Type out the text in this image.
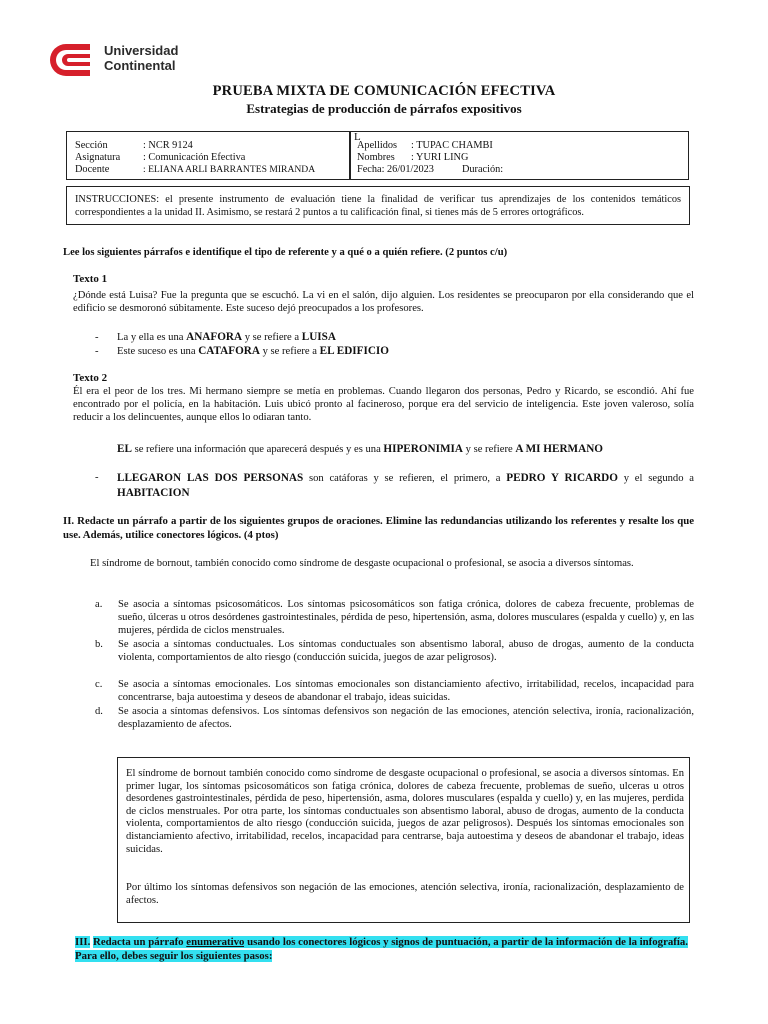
Universidad
Continental
PRUEBA MIXTA DE COMUNICACIÓN EFECTIVA
Estrategias de producción de párrafos expositivos
Sección	: NCR 9124
Asignatura : Comunicación Efectiva
Docente	: ELIANA ARLI BARRANTES MIRANDA
L
Apellidos : TUPAC CHAMBI
Nombres : YURI LING
Fecha: 26/01/2023	Duración:
INSTRUCCIONES: el presente instrumento de evaluación tiene la finalidad de verificar tus aprendizajes de los contenidos temáticos correspondientes a la unidad II. Asimismo, se restará 2 puntos a tu calificación final, si tienes más de 5 errores ortográficos.
Lee los siguientes párrafos e identifique el tipo de referente y a qué o a quién refiere. (2 puntos c/u)
Texto 1
¿Dónde está Luisa? Fue la pregunta que se escuchó. La vi en el salón, dijo alguien. Los residentes se preocuparon por ella considerando que el edificio se desmoronó súbitamente. Este suceso dejó preocupados a los profesores.
- La y ella es una ANAFORA y se refiere a LUISA
- Este suceso es una CATAFORA y se refiere a EL EDIFICIO
Texto 2
Él era el peor de los tres. Mi hermano siempre se metía en problemas. Cuando llegaron dos personas, Pedro y Ricardo, se escondió. Ahí fue encontrado por el policía, en la habitación. Luis ubicó pronto al facineroso, porque era del servicio de inteligencia. Este joven valeroso, solía reducir a los delincuentes, aunque ellos lo odiaran tanto.
EL se refiere una información que aparecerá después y es una HIPERONIMIA y se refiere A MI HERMANO
- LLEGARON LAS DOS PERSONAS son catáforas y se refieren, el primero, a PEDRO Y RICARDO y el segundo a HABITACION
II. Redacte un párrafo a partir de los siguientes grupos de oraciones. Elimine las redundancias utilizando los referentes y resalte los que use. Además, utilice conectores lógicos. (4 ptos)
El síndrome de bornout, también conocido como síndrome de desgaste ocupacional o profesional, se asocia a diversos síntomas.
a. Se asocia a síntomas psicosomáticos. Los síntomas psicosomáticos son fatiga crónica, dolores de cabeza frecuente, problemas de sueño, úlceras u otros desórdenes gastrointestinales, pérdida de peso, hipertensión, asma, dolores musculares (espalda y cuello) y, en las mujeres, pérdida de ciclos menstruales.
b. Se asocia a síntomas conductuales. Los síntomas conductuales son absentismo laboral, abuso de drogas, aumento de la conducta violenta, comportamientos de alto riesgo (conducción suicida, juegos de azar peligrosos).
c. Se asocia a síntomas emocionales. Los síntomas emocionales son distanciamiento afectivo, irritabilidad, recelos, incapacidad para concentrarse, baja autoestima y deseos de abandonar el trabajo, ideas suicidas.
d. Se asocia a síntomas defensivos. Los síntomas defensivos son negación de las emociones, atención selectiva, ironía, racionalización, desplazamiento de afectos.
El síndrome de bornout también conocido como síndrome de desgaste ocupacional o profesional, se asocia a diversos síntomas. En primer lugar, los síntomas psicosomáticos son fatiga crónica, dolores de cabeza frecuente, problemas de sueño, ulceras u otros desordenes gastrointestinales, pérdida de peso, hipertensión, asma, dolores musculares (espalda y cuello) y, en las mujeres, perdida de ciclos menstruales. Por otra parte, los síntomas conductuales son absentismo laboral, abuso de drogas, aumento de la conducta violenta, comportamientos de alto riesgo (conducción suicida, juegos de azar peligrosos). Después los síntomas emocionales son distanciamiento afectivo, irritabilidad, recelos, incapacidad para centrarse, baja autoestima y deseos de abandonar el trabajo, ideas suicidas.
Por último los síntomas defensivos son negación de las emociones, atención selectiva, ironía, racionalización, desplazamiento de afectos.
III. Redacta un párrafo enumerativo usando los conectores lógicos y signos de puntuación, a partir de la información de la infografía. Para ello, debes seguir los siguientes pasos:
